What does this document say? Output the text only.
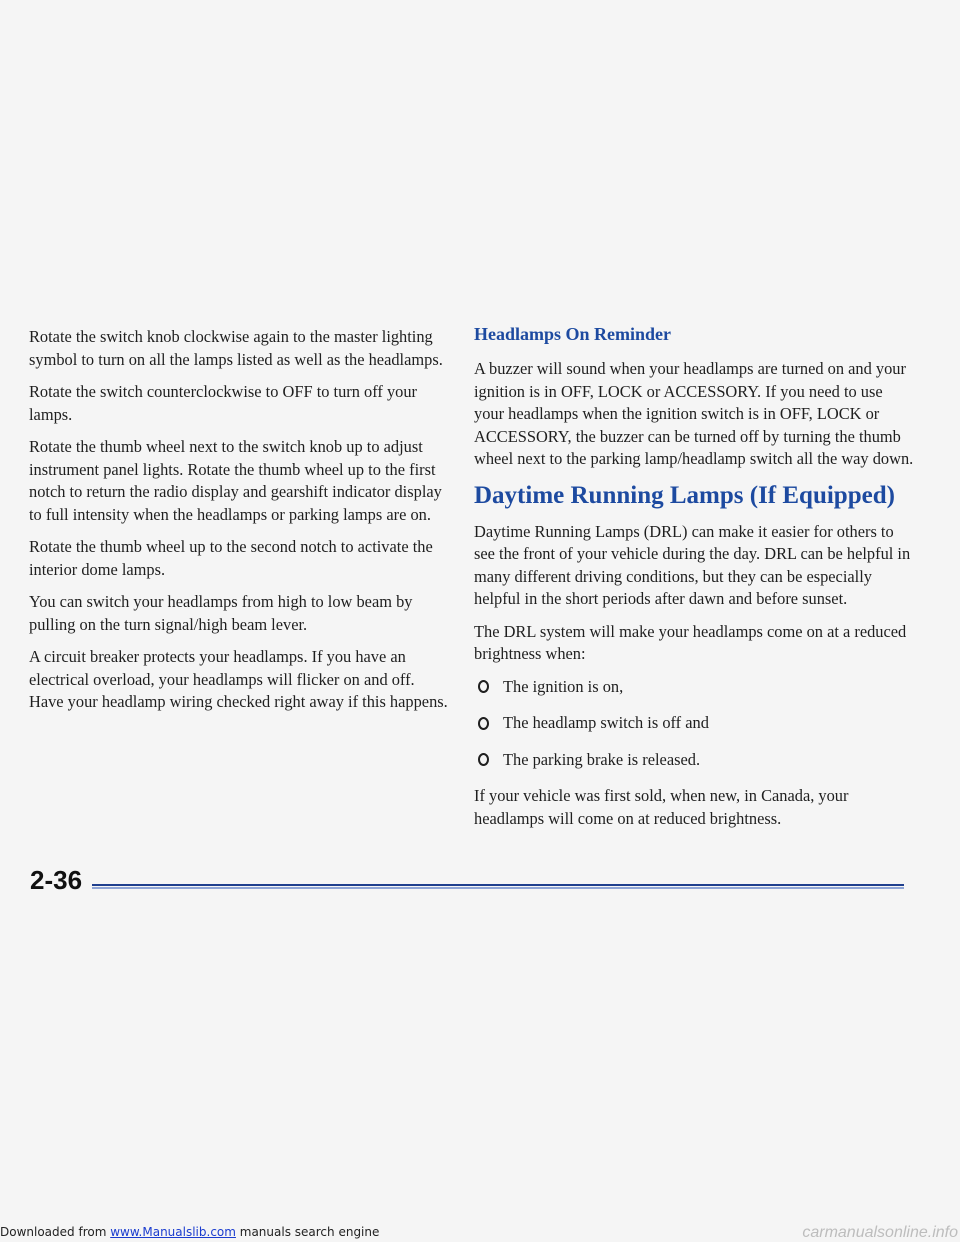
Rotate the switch knob clockwise again to the master lighting symbol to turn on all the lamps listed as well as the headlamps.

Rotate the switch counterclockwise to OFF to turn off your lamps.

Rotate the thumb wheel next to the switch knob up to adjust instrument panel lights. Rotate the thumb wheel up to the first notch to return the radio display and gearshift indicator display to full intensity when the headlamps or parking lamps are on.

Rotate the thumb wheel up to the second notch to activate the interior dome lamps.

You can switch your headlamps from high to low beam by pulling on the turn signal/high beam lever.

A circuit breaker protects your headlamps. If you have an electrical overload, your headlamps will flicker on and off. Have your headlamp wiring checked right away if this happens.

Headlamps On Reminder

A buzzer will sound when your headlamps are turned on and your ignition is in OFF, LOCK or ACCESSORY. If you need to use your headlamps when the ignition switch is in OFF, LOCK or ACCESSORY, the buzzer can be turned off by turning the thumb wheel next to the parking lamp/headlamp switch all the way down.

Daytime Running Lamps (If Equipped)

Daytime Running Lamps (DRL) can make it easier for others to see the front of your vehicle during the day. DRL can be helpful in many different driving conditions, but they can be especially helpful in the short periods after dawn and before sunset.

The DRL system will make your headlamps come on at a reduced brightness when:

The ignition is on,
The headlamp switch is off and
The parking brake is released.

If your vehicle was first sold, when new, in Canada, your headlamps will come on at reduced brightness.

2-36
Downloaded from www.Manualslib.com manuals search engine	carmanualsonline.info
